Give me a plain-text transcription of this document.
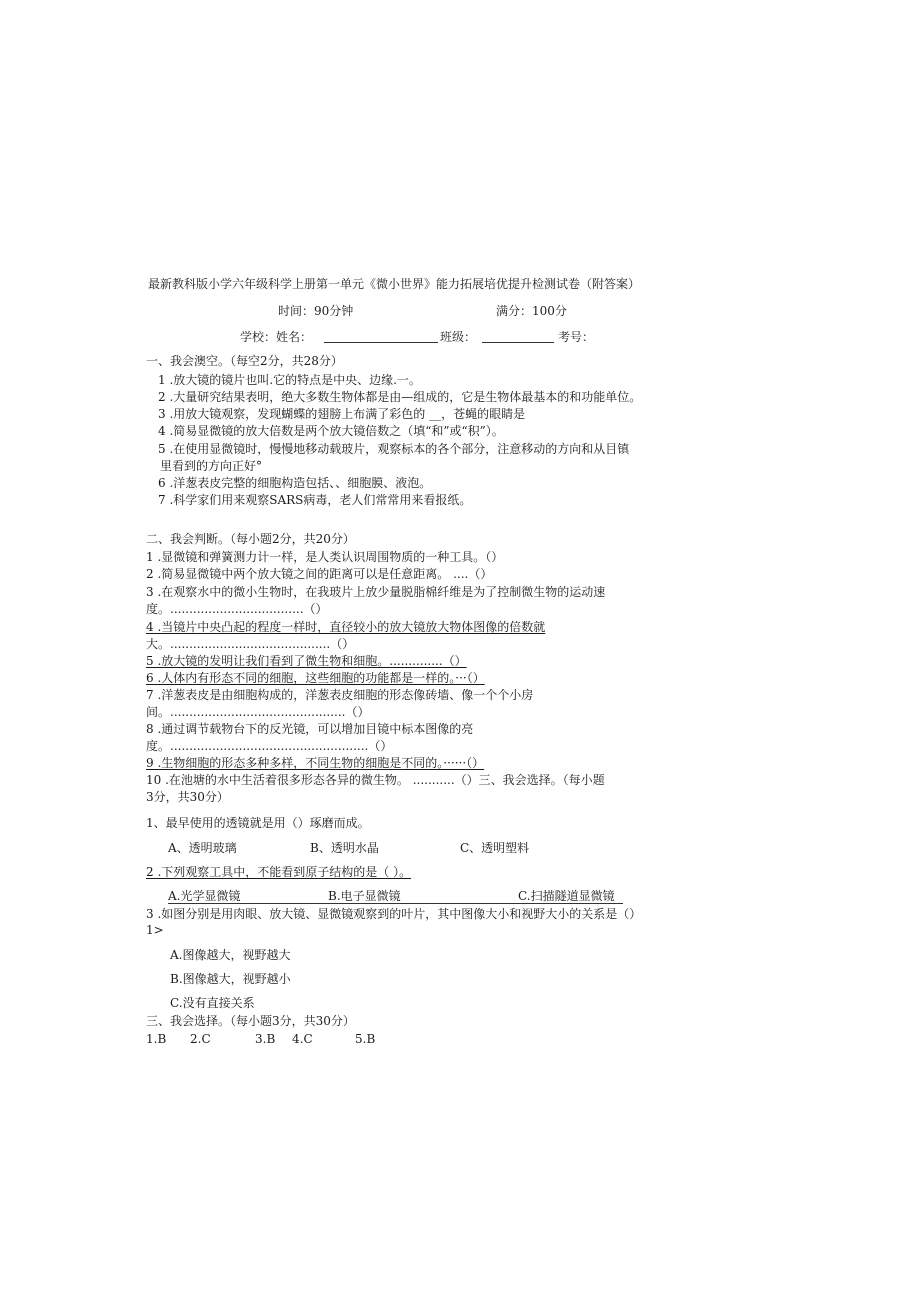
最新教科版小学六年级科学上册第一单元《微小世界》能力拓展培优提升检测试卷（附答案）
时间：90分钟	满分：100分
学校：姓名：	班级：	考号：
一、我会澳空。（每空2分，共28分）
1 .放大镜的镜片也叫.它的特点是中央、边缘.一。
2 .大量研究结果表明，绝大多数生物体都是由—组成的，它是生物体最基本的和功能单位。
3 .用放大镜观察，发现蝴蝶的翅膀上布满了彩色的 __，苍蝇的眼睛是
4 .简易显微镜的放大倍数是两个放大镜倍数之（填“和”或“积”）。
5 .在使用显微镜时，慢慢地移动载玻片，观察标本的各个部分，注意移动的方向和从目镇
里看到的方向正好°
6 .洋葱表皮完整的细胞构造包括、、细胞膜、液泡。
7 .科学家们用来观察SARS病毒，老人们常常用来看报纸。
二、我会判断。（每小题2分，共20分）
1 .显微镜和弹簧测力计一样，是人类认识周围物质的一种工具。（）
2 .简易显微镜中两个放大镜之间的距离可以是任意距离。 ....（）
3 .在观察水中的微小生物时，在我玻片上放少量脱脂棉纤维是为了控制微生物的运动速
度。...................................（）
4 .当镜片中央凸起的程度一样时，直径较小的放大镜放大物体图像的倍数就
大。..........................................（）
5 .放大镜的发明让我们看到了微生物和细胞。..............（）
6 .人体内有形态不同的细胞，这些细胞的功能都是一样的。···（）
7 .洋葱表皮是由细胞构成的，洋葱表皮细胞的形态像砖墙、像一个个小房
间。..............................................（）
8 .通过调节载物台下的反光镜，可以增加目镜中标本图像的亮
度。....................................................（）
9 .生物细胞的形态多种多样，不同生物的细胞是不同的。······（）
10 .在池塘的水中生活着很多形态各异的微生物。 ...........（）三、我会选择。（每小题
3分，共30分）
1、最早使用的透镜就是用（）琢磨而成。
A、透明玻璃	B、透明水晶	C、透明塑料
2 .下列观察工具中，不能看到原子结构的是（ ）。
A.光学显微镜	B.电子显微镜	C.扫描隧道显微镜
3 .如图分别是用肉眼、放大镜、显微镜观察到的叶片，其中图像大小和视野大小的关系是（）
1>
A.图像越大，视野越大
B.图像越大，视野越小
C.没有直接关系
三、我会选择。（每小题3分，共30分）
1.B 2.C	3.B 4.C	5.B
